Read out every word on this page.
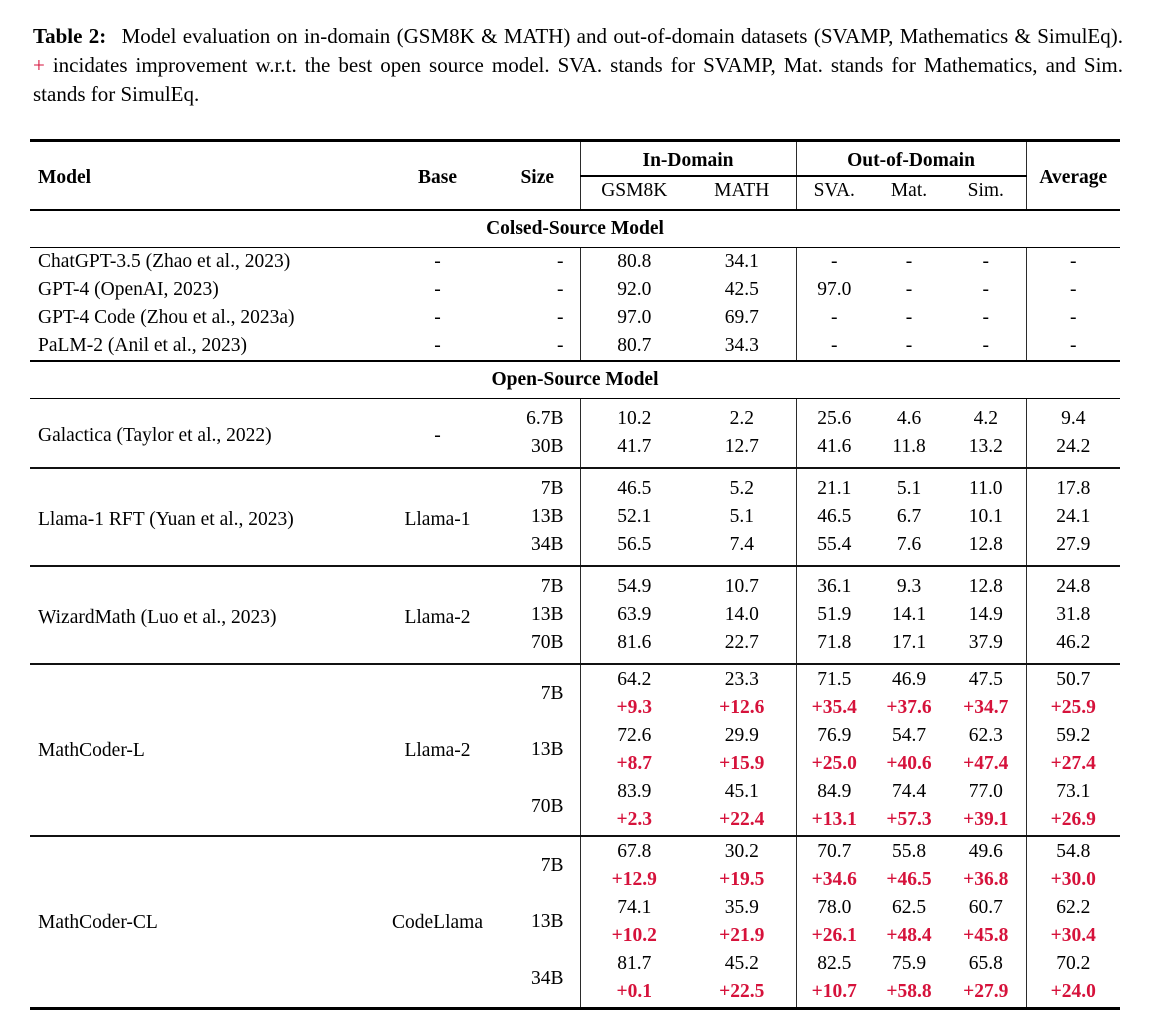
Table 2: Model evaluation on in-domain (GSM8K & MATH) and out-of-domain datasets (SVAMP, Mathematics & SimulEq). + incidates improvement w.r.t. the best open source model. SVA. stands for SVAMP, Mat. stands for Mathematics, and Sim. stands for SimulEq.

Model	Base	Size	In-Domain		Out-of-Domain			Average
			GSM8K	MATH	SVA.	Mat.	Sim.	
Colsed-Source Model								
ChatGPT-3.5 (Zhao et al., 2023)	-	-	80.8	34.1	-	-	-	-
GPT-4 (OpenAI, 2023)	-	-	92.0	42.5	97.0	-	-	-
GPT-4 Code (Zhou et al., 2023a)	-	-	97.0	69.7	-	-	-	-
PaLM-2 (Anil et al., 2023)	-	-	80.7	34.3	-	-	-	-
Open-Source Model								
Galactica (Taylor et al., 2022)	-	6.7B	10.2	2.2	25.6	4.6	4.2	9.4
		30B	41.7	12.7	41.6	11.8	13.2	24.2
Llama-1 RFT (Yuan et al., 2023)	Llama-1	7B	46.5	5.2	21.1	5.1	11.0	17.8
		13B	52.1	5.1	46.5	6.7	10.1	24.1
		34B	56.5	7.4	55.4	7.6	12.8	27.9
WizardMath (Luo et al., 2023)	Llama-2	7B	54.9	10.7	36.1	9.3	12.8	24.8
		13B	63.9	14.0	51.9	14.1	14.9	31.8
		70B	81.6	22.7	71.8	17.1	37.9	46.2
MathCoder-L	Llama-2	7B	64.2	23.3	71.5	46.9	47.5	50.7
			+9.3	+12.6	+35.4	+37.6	+34.7	+25.9
		13B	72.6	29.9	76.9	54.7	62.3	59.2
			+8.7	+15.9	+25.0	+40.6	+47.4	+27.4
		70B	83.9	45.1	84.9	74.4	77.0	73.1
			+2.3	+22.4	+13.1	+57.3	+39.1	+26.9
MathCoder-CL	CodeLlama	7B	67.8	30.2	70.7	55.8	49.6	54.8
			+12.9	+19.5	+34.6	+46.5	+36.8	+30.0
		13B	74.1	35.9	78.0	62.5	60.7	62.2
			+10.2	+21.9	+26.1	+48.4	+45.8	+30.4
		34B	81.7	45.2	82.5	75.9	65.8	70.2
			+0.1	+22.5	+10.7	+58.8	+27.9	+24.0
